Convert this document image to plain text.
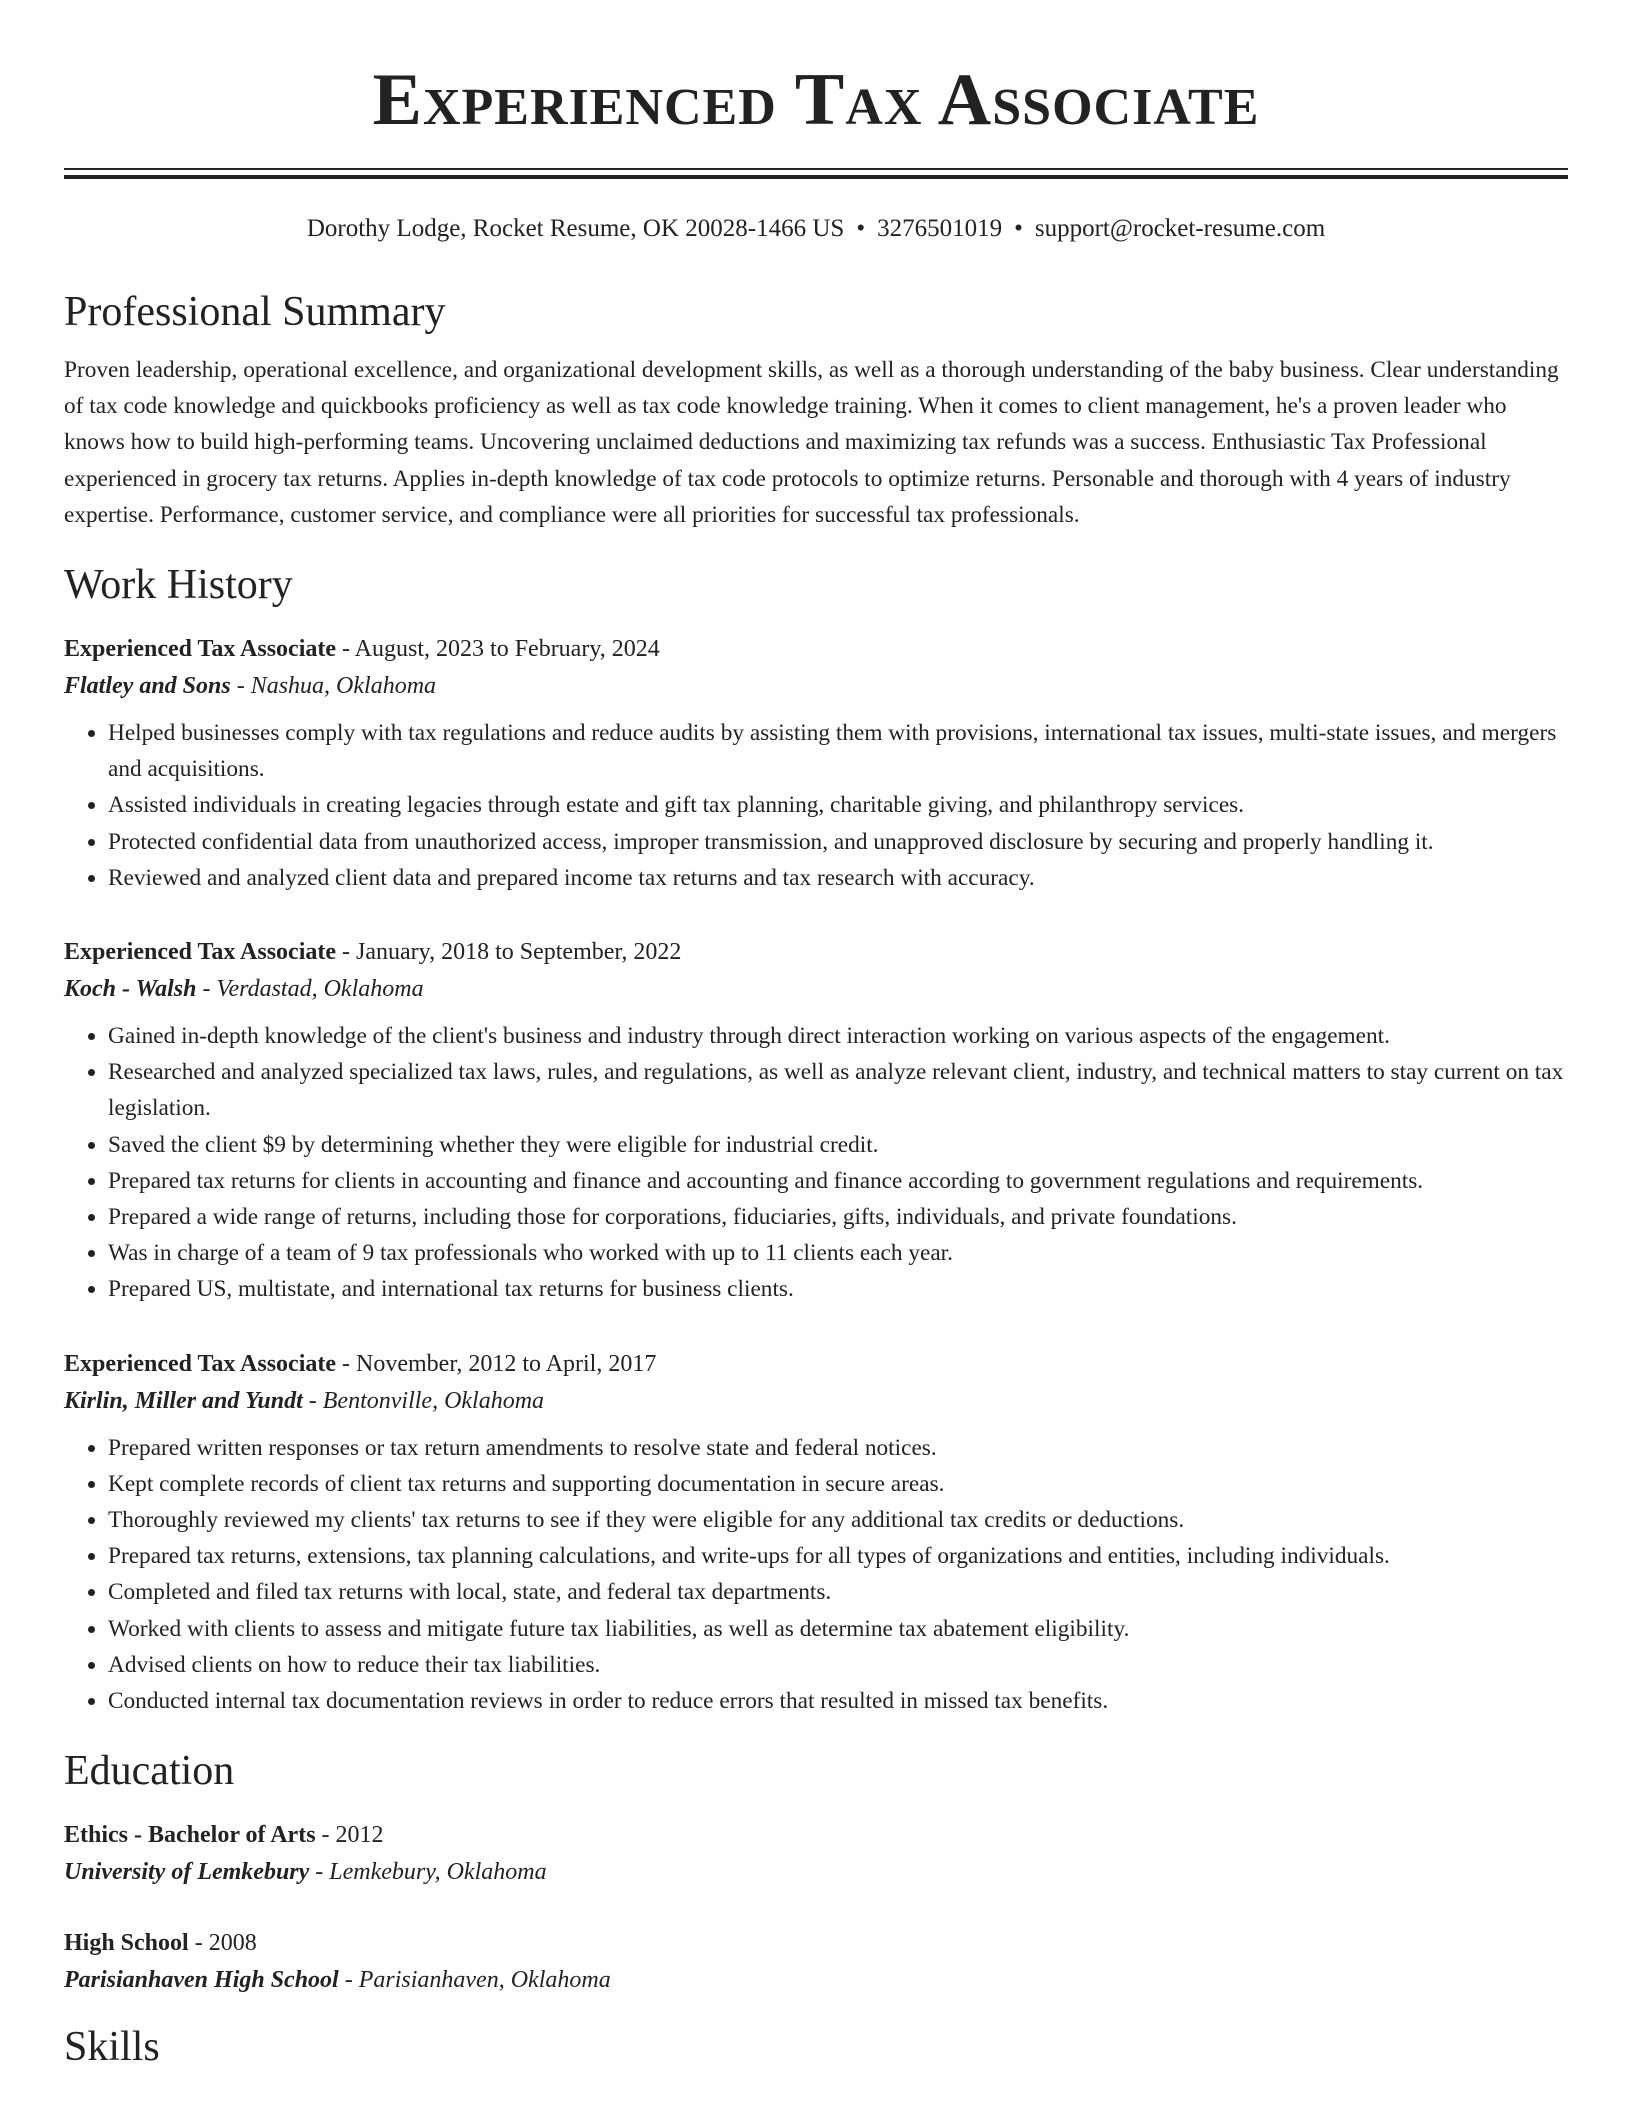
Experienced Tax Associate
Dorothy Lodge, Rocket Resume, OK 20028-1466 US • 3276501019 • support@rocket-resume.com
Professional Summary

Proven leadership, operational excellence, and organizational development skills, as well as a thorough understanding of the baby business. Clear understanding of tax code knowledge and quickbooks proficiency as well as tax code knowledge training. When it comes to client management, he's a proven leader who knows how to build high-performing teams. Uncovering unclaimed deductions and maximizing tax refunds was a success. Enthusiastic Tax Professional experienced in grocery tax returns. Applies in-depth knowledge of tax code protocols to optimize returns. Personable and thorough with 4 years of industry expertise. Performance, customer service, and compliance were all priorities for successful tax professionals.

Work History
Experienced Tax Associate - August, 2023 to February, 2024
Flatley and Sons - Nashua, Oklahoma
• Helped businesses comply with tax regulations and reduce audits by assisting them with provisions, international tax issues, multi-state issues, and mergers and acquisitions.
• Assisted individuals in creating legacies through estate and gift tax planning, charitable giving, and philanthropy services.
• Protected confidential data from unauthorized access, improper transmission, and unapproved disclosure by securing and properly handling it.
• Reviewed and analyzed client data and prepared income tax returns and tax research with accuracy.
Experienced Tax Associate - January, 2018 to September, 2022
Koch - Walsh - Verdastad, Oklahoma
• Gained in-depth knowledge of the client's business and industry through direct interaction working on various aspects of the engagement.
• Researched and analyzed specialized tax laws, rules, and regulations, as well as analyze relevant client, industry, and technical matters to stay current on tax legislation.
• Saved the client $9 by determining whether they were eligible for industrial credit.
• Prepared tax returns for clients in accounting and finance and accounting and finance according to government regulations and requirements.
• Prepared a wide range of returns, including those for corporations, fiduciaries, gifts, individuals, and private foundations.
• Was in charge of a team of 9 tax professionals who worked with up to 11 clients each year.
• Prepared US, multistate, and international tax returns for business clients.
Experienced Tax Associate - November, 2012 to April, 2017
Kirlin, Miller and Yundt - Bentonville, Oklahoma
• Prepared written responses or tax return amendments to resolve state and federal notices.
• Kept complete records of client tax returns and supporting documentation in secure areas.
• Thoroughly reviewed my clients' tax returns to see if they were eligible for any additional tax credits or deductions.
• Prepared tax returns, extensions, tax planning calculations, and write-ups for all types of organizations and entities, including individuals.
• Completed and filed tax returns with local, state, and federal tax departments.
• Worked with clients to assess and mitigate future tax liabilities, as well as determine tax abatement eligibility.
• Advised clients on how to reduce their tax liabilities.
• Conducted internal tax documentation reviews in order to reduce errors that resulted in missed tax benefits.
Education
Ethics - Bachelor of Arts - 2012
University of Lemkebury - Lemkebury, Oklahoma
High School - 2008
Parisianhaven High School - Parisianhaven, Oklahoma
Skills
